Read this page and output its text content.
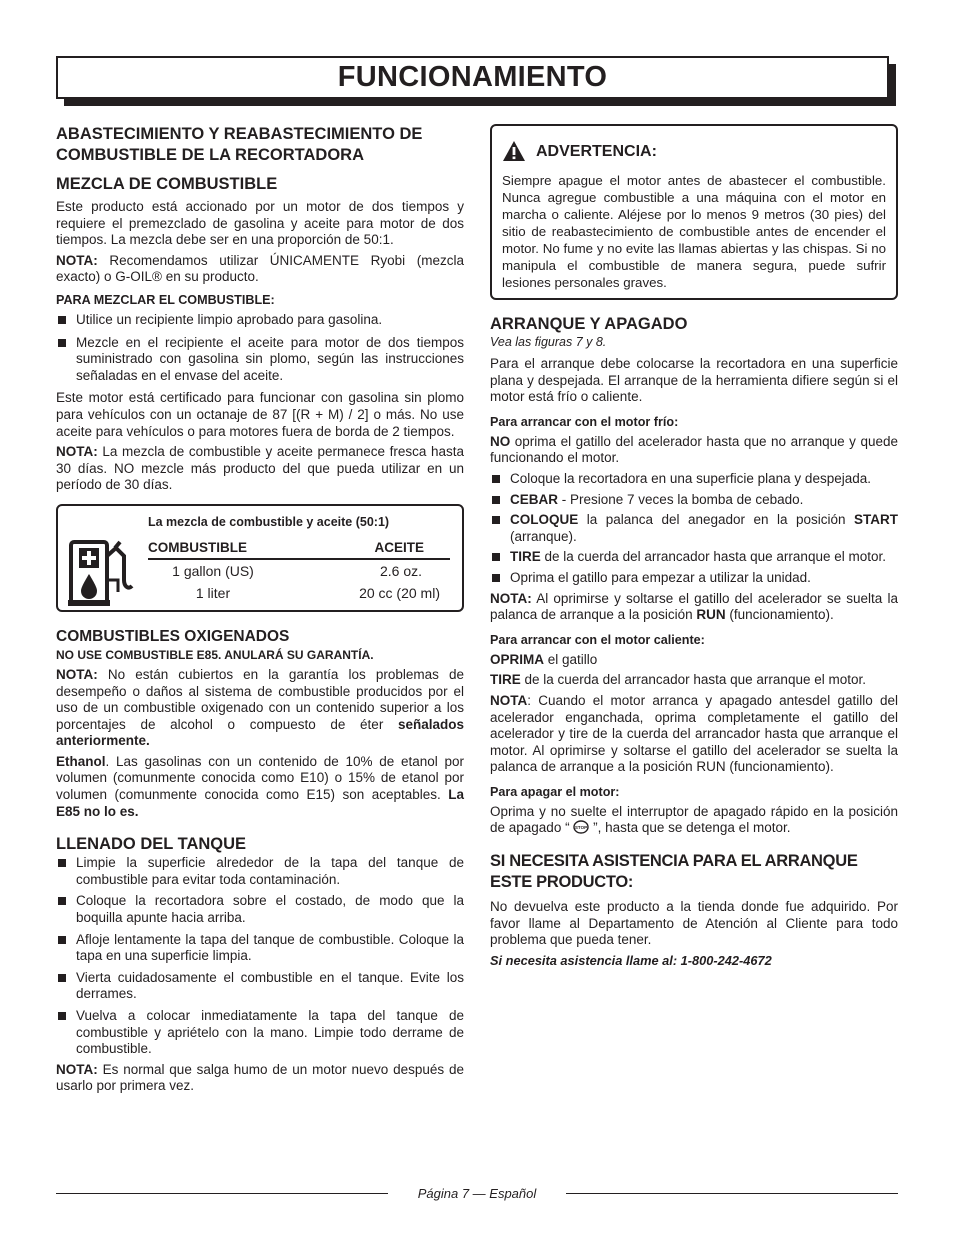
FUNCIONAMIENTO
ABASTECIMIENTO Y REABASTECIMIENTO DE COMBUSTIBLE DE LA RECORTADORA
MEZCLA DE COMBUSTIBLE

Este producto está accionado por un motor de dos tiempos y requiere el premezclado de gasolina y aceite para motor de dos tiempos. La mezcla debe ser en una proporción de 50:1.

NOTA: Recomendamos utilizar ÚNICAMENTE Ryobi (mezcla exacto) o G-OIL® en su producto.

PARA MEZCLAR EL COMBUSTIBLE:
Utilice un recipiente limpio aprobado para gasolina.
Mezcle en el recipiente el aceite para motor de dos tiempos suministrado con gasolina sin plomo, según las instrucciones señaladas en el envase del aceite.

Este motor está certificado para funcionar con gasolina sin plomo para vehículos con un octanaje de 87 [(R + M) / 2] o más. No use aceite para vehículos o para motores fuera de borda de 2 tiempos.

NOTA: La mezcla de combustible y aceite permanece fresca hasta 30 días. NO mezcle más producto del que pueda utilizar en un período de 30 días.

La mezcla de combustible y aceite (50:1)
COMBUSTIBLE	ACEITE
1 gallon (US)	2.6 oz.
1 liter	20 cc (20 ml)
COMBUSTIBLES OXIGENADOS
NO USE COMBUSTIBLE E85. ANULARÁ SU GARANTÍA.

NOTA: No están cubiertos en la garantía los problemas de desempeño o daños al sistema de combustible producidos por el uso de un combustible oxigenado con un contenido superior a los porcentajes de alcohol o compuesto de éter señalados anteriormente.

Ethanol. Las gasolinas con un contenido de 10% de etanol por volumen (comunmente conocida como E10) o 15% de etanol por volumen (comunmente conocida como E15) son aceptables. La E85 no lo es.

LLENADO DEL TANQUE
Limpie la superficie alrededor de la tapa del tanque de combustible para evitar toda contaminación.
Coloque la recortadora sobre el costado, de modo que la boquilla apunte hacia arriba.
Afloje lentamente la tapa del tanque de combustible. Coloque la tapa en una superficie limpia.
Vierta cuidadosamente el combustible en el tanque. Evite los derrames.
Vuelva a colocar inmediatamente la tapa del tanque de combustible y apriételo con la mano. Limpie todo derrame de combustible.

NOTA: Es normal que salga humo de un motor nuevo después de usarlo por primera vez.

ADVERTENCIA:

Siempre apague el motor antes de abastecer el combustible. Nunca agregue combustible a una máquina con el motor en marcha o caliente. Aléjese por lo menos 9 metros (30 pies) del sitio de reabastecimiento de combustible antes de encender el motor. No fume y no evite las llamas abiertas y las chispas. Si no manipula el combustible de manera segura, puede sufrir lesiones personales graves.

ARRANQUE Y APAGADO

Vea las figuras 7 y 8.

Para el arranque debe colocarse la recortadora en una superficie plana y despejada. El arranque de la herramienta difiere según si el motor está frío o caliente.

Para arrancar con el motor frío:

NO oprima el gatillo del acelerador hasta que no arranque y quede funcionando el motor.

Coloque la recortadora en una superficie plana y despejada.
CEBAR - Presione 7 veces la bomba de cebado.
COLOQUE la palanca del anegador en la posición START (arranque).
TIRE de la cuerda del arrancador hasta que arranque el motor.
Oprima el gatillo para empezar a utilizar la unidad.

NOTA: Al oprimirse y soltarse el gatillo del acelerador se suelta la palanca de arranque a la posición RUN (funcionamiento).

Para arrancar con el motor caliente:

OPRIMA el gatillo

TIRE de la cuerda del arrancador hasta que arranque el motor.

NOTA: Cuando el motor arranca y apagado antesdel gatillo del acelerador enganchada, oprima completamente el gatillo del acelerador y tire de la cuerda del arrancador hasta que arranque el motor. Al oprimirse y soltarse el gatillo del acelerador se suelta la palanca de arranque a la posición RUN (funcionamiento).

Para apagar el motor:

Oprima y no suelte el interruptor de apagado rápido en la posición de apagado “ STOP ”, hasta que se detenga el motor.

SI NECESITA ASISTENCIA PARA EL ARRANQUE ESTE PRODUCTO:

No devuelva este producto a la tienda donde fue adquirido. Por favor llame al Departamento de Atención al Cliente para todo problema que pueda tener.

Si necesita asistencia llame al: 1-800-242-4672

Página 7 — Español
